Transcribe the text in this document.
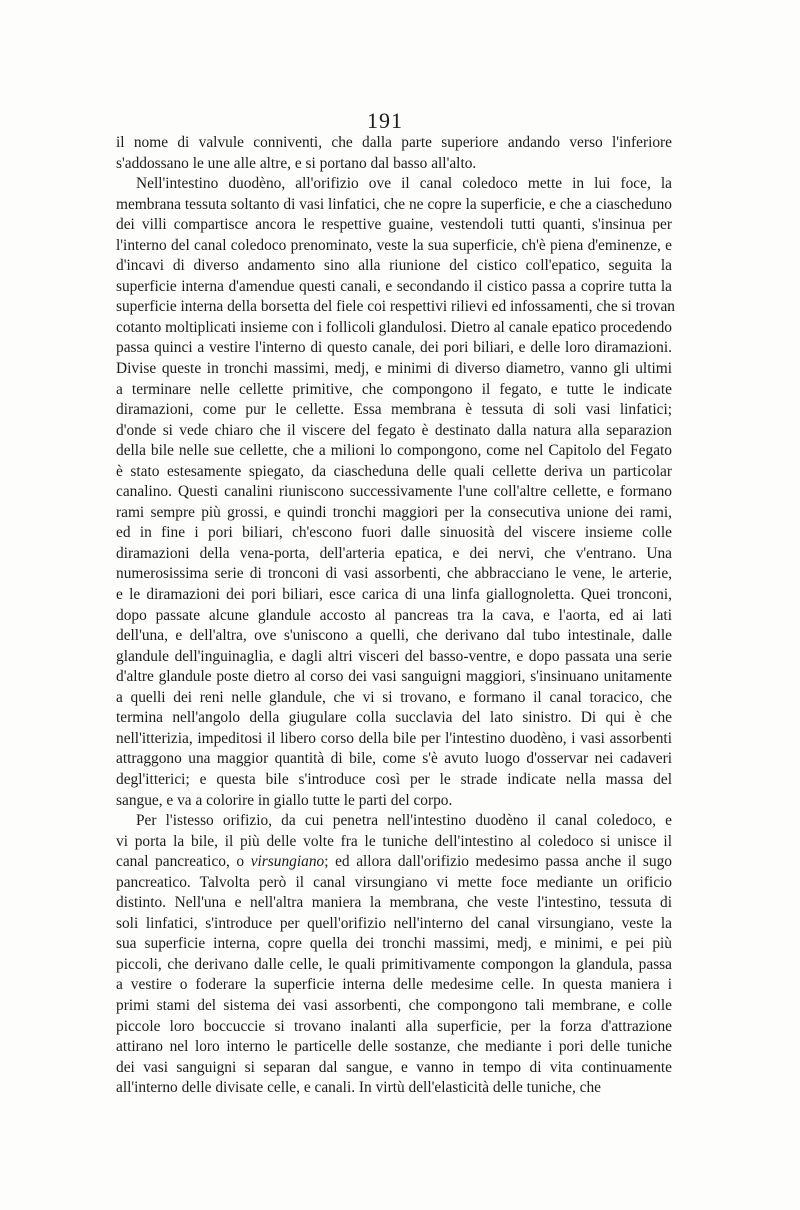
191
il nome di valvule conniventi, che dalla parte superiore andando verso l'inferiore
s'addossano le une alle altre, e si portano dal basso all'alto.
Nell'intestino duodèno, all'orifizio ove il canal coledoco mette in lui foce, la
membrana tessuta soltanto di vasi linfatici, che ne copre la superficie, e che a ciascheduno
dei villi compartisce ancora le respettive guaine, vestendoli tutti quanti, s'insinua per
l'interno del canal coledoco prenominato, veste la sua superficie, ch'è piena d'eminenze, e
d'incavi di diverso andamento sino alla riunione del cistico coll'epatico, seguita la
superficie interna d'amendue questi canali, e secondando il cistico passa a coprire tutta la
superficie interna della borsetta del fiele coi respettivi rilievi ed infossamenti, che si trovan
cotanto moltiplicati insieme con i follicoli glandulosi. Dietro al canale epatico procedendo
passa quinci a vestire l'interno di questo canale, dei pori biliari, e delle loro diramazioni.
Divise queste in tronchi massimi, medj, e minimi di diverso diametro, vanno gli ultimi
a terminare nelle cellette primitive, che compongono il fegato, e tutte le indicate
diramazioni, come pur le cellette. Essa membrana è tessuta di soli vasi linfatici;
d'onde si vede chiaro che il viscere del fegato è destinato dalla natura alla separazion
della bile nelle sue cellette, che a milioni lo compongono, come nel Capitolo del Fegato
è stato estesamente spiegato, da ciascheduna delle quali cellette deriva un particolar
canalino. Questi canalini riuniscono successivamente l'une coll'altre cellette, e formano
rami sempre più grossi, e quindi tronchi maggiori per la consecutiva unione dei rami,
ed in fine i pori biliari, ch'escono fuori dalle sinuosità del viscere insieme colle
diramazioni della vena-porta, dell'arteria epatica, e dei nervi, che v'entrano. Una
numerosissima serie di tronconi di vasi assorbenti, che abbracciano le vene, le arterie,
e le diramazioni dei pori biliari, esce carica di una linfa giallognoletta. Quei tronconi,
dopo passate alcune glandule accosto al pancreas tra la cava, e l'aorta, ed ai lati
dell'una, e dell'altra, ove s'uniscono a quelli, che derivano dal tubo intestinale, dalle
glandule dell'inguinaglia, e dagli altri visceri del basso-ventre, e dopo passata una serie
d'altre glandule poste dietro al corso dei vasi sanguigni maggiori, s'insinuano unitamente
a quelli dei reni nelle glandule, che vi si trovano, e formano il canal toracico, che
termina nell'angolo della giugulare colla succlavia del lato sinistro. Di qui è che
nell'itterizia, impeditosi il libero corso della bile per l'intestino duodèno, i vasi assorbenti
attraggono una maggior quantità di bile, come s'è avuto luogo d'osservar nei cadaveri
degl'itterici; e questa bile s'introduce così per le strade indicate nella massa del
sangue, e va a colorire in giallo tutte le parti del corpo.
Per l'istesso orifizio, da cui penetra nell'intestino duodèno il canal coledoco, e
vi porta la bile, il più delle volte fra le tuniche dell'intestino al coledoco si unisce il
canal pancreatico, o virsungiano; ed allora dall'orifizio medesimo passa anche il sugo
pancreatico. Talvolta però il canal virsungiano vi mette foce mediante un orificio
distinto. Nell'una e nell'altra maniera la membrana, che veste l'intestino, tessuta di
soli linfatici, s'introduce per quell'orifizio nell'interno del canal virsungiano, veste la
sua superficie interna, copre quella dei tronchi massimi, medj, e minimi, e pei più
piccoli, che derivano dalle celle, le quali primitivamente compongon la glandula, passa
a vestire o foderare la superficie interna delle medesime celle. In questa maniera i
primi stami del sistema dei vasi assorbenti, che compongono tali membrane, e colle
piccole loro boccuccie si trovano inalanti alla superficie, per la forza d'attrazione
attirano nel loro interno le particelle delle sostanze, che mediante i pori delle tuniche
dei vasi sanguigni si separan dal sangue, e vanno in tempo di vita continuamente
all'interno delle divisate celle, e canali. In virtù dell'elasticità delle tuniche, che
